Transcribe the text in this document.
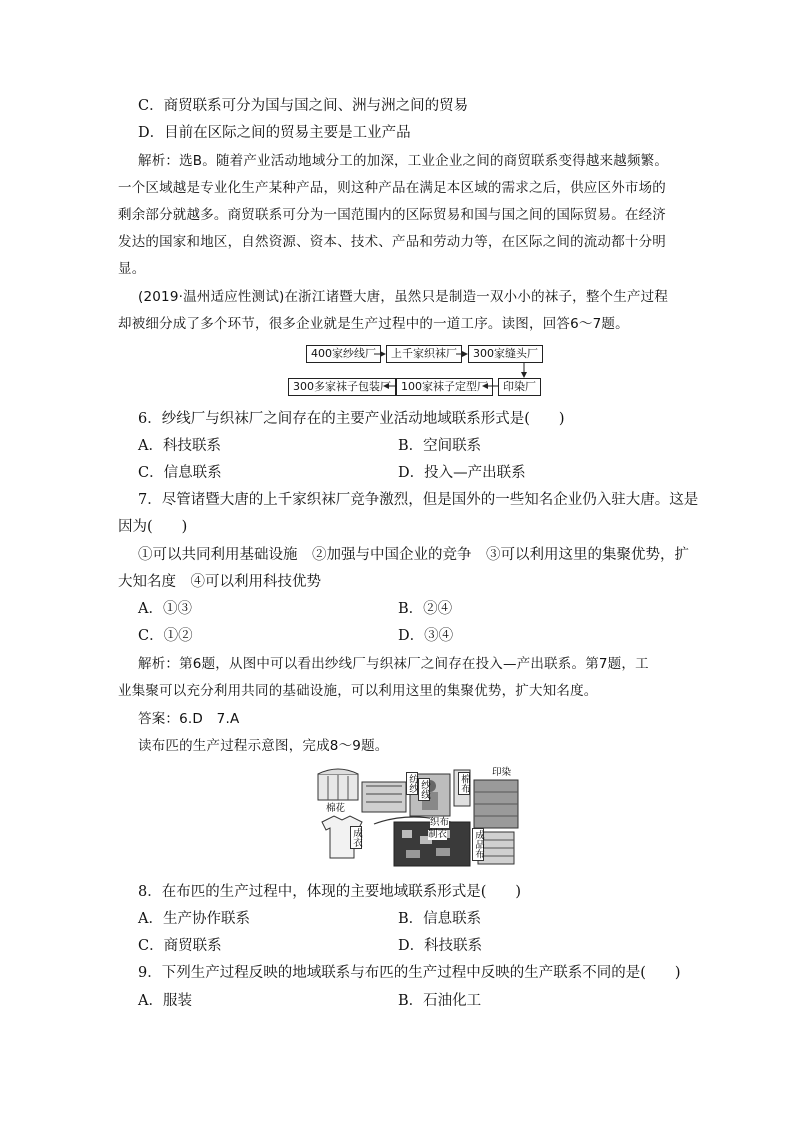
C．商贸联系可分为国与国之间、洲与洲之间的贸易
D．目前在区际之间的贸易主要是工业产品
解析：选B。随着产业活动地域分工的加深，工业企业之间的商贸联系变得越来越频繁。
一个区域越是专业化生产某种产品，则这种产品在满足本区域的需求之后，供应区外市场的
剩余部分就越多。商贸联系可分为一国范围内的区际贸易和国与国之间的国际贸易。在经济
发达的国家和地区，自然资源、资本、技术、产品和劳动力等，在区际之间的流动都十分明
显。
(2019·温州适应性测试)在浙江诸暨大唐，虽然只是制造一双小小的袜子，整个生产过程
却被细分成了多个环节，很多企业就是生产过程中的一道工序。读图，回答6～7题。
400家纱线厂	上千家织袜厂	300家缝头厂
印染厂
100家袜子定型厂
300多家袜子包装厂
6．纱线厂与织袜厂之间存在的主要产业活动地域联系形式是(　　)
A．科技联系	B．空间联系
C．信息联系	D．投入—产出联系
7．尽管诸暨大唐的上千家织袜厂竞争激烈，但是国外的一些知名企业仍入驻大唐。这是
因为(　　)
①可以共同利用基础设施　②加强与中国企业的竞争　③可以利用这里的集聚优势，扩
大知名度　④可以利用科技优势
A．①③	B．②④
C．①②	D．③④
解析：第6题，从图中可以看出纱线厂与织袜厂之间存在投入—产出联系。第7题，工
业集聚可以充分利用共同的基础设施，可以利用这里的集聚优势，扩大知名度。
答案：6.D　7.A
读布匹的生产过程示意图，完成8～9题。
棉花
纺纱 纱线
织布
制衣
棉布
印染
成衣	成品布
8．在布匹的生产过程中，体现的主要地域联系形式是(　　)
A．生产协作联系	B．信息联系
C．商贸联系	D．科技联系
9．下列生产过程反映的地域联系与布匹的生产过程中反映的生产联系不同的是(　　)
A．服装	B．石油化工
